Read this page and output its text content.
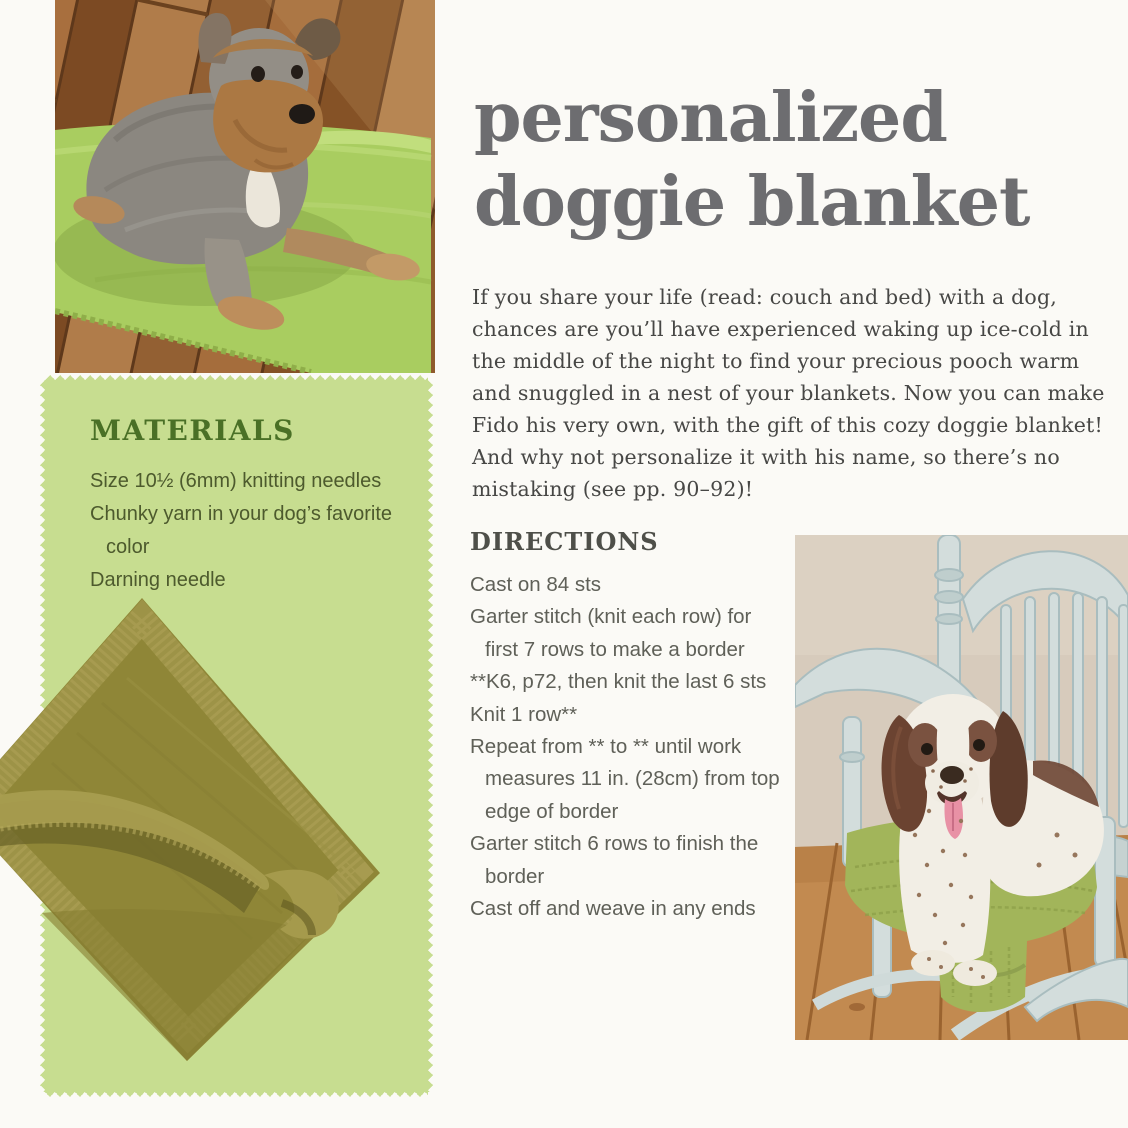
MATERIALS
Size 10½ (6mm) knitting needles
Chunky yarn in your dog’s favorite
color
Darning needle
personalized
doggie blanket

If you share your life (read: couch and bed) with a dog,
chances are you’ll have experienced waking up ice-cold in
the middle of the night to find your precious pooch warm
and snuggled in a nest of your blankets. Now you can make
Fido his very own, with the gift of this cozy doggie blanket!
And why not personalize it with his name, so there’s no
mistaking (see pp. 90–92)!

DIRECTIONS
Cast on 84 sts
Garter stitch (knit each row) for
first 7 rows to make a border
**K6, p72, then knit the last 6 sts
Knit 1 row**
Repeat from ** to ** until work
measures 11 in. (28cm) from top
edge of border
Garter stitch 6 rows to finish the
border
Cast off and weave in any ends
